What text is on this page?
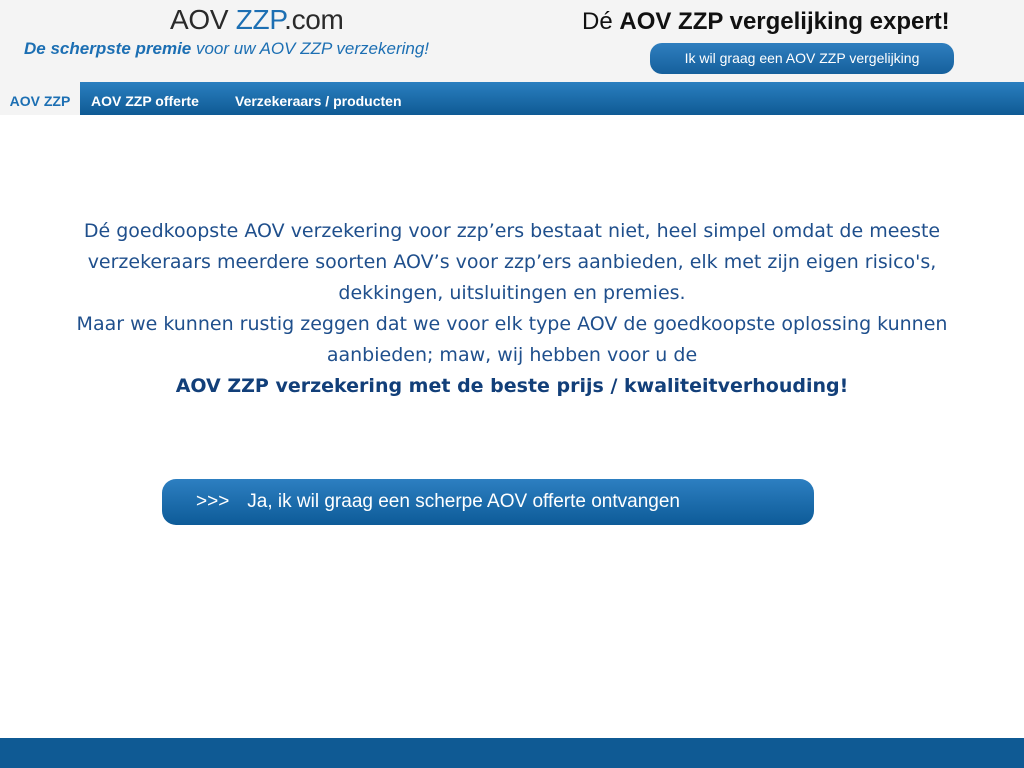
AOV ZZP.com
De scherpste premie voor uw AOV ZZP verzekering!
Dé AOV ZZP vergelijking expert!
Ik wil graag een AOV ZZP vergelijking
AOV ZZP	AOV ZZP offerte	Verzekeraars / producten

Dé goedkoopste AOV verzekering voor zzp’ers bestaat niet, heel simpel omdat de meeste verzekeraars meerdere soorten AOV’s voor zzp’ers aanbieden, elk met zijn eigen risico's, dekkingen, uitsluitingen en premies.

Maar we kunnen rustig zeggen dat we voor elk type AOV de goedkoopste oplossing kunnen aanbieden; maw, wij hebben voor u de

AOV ZZP verzekering met de beste prijs / kwaliteitverhouding!

>>> Ja, ik wil graag een scherpe AOV offerte ontvangen
